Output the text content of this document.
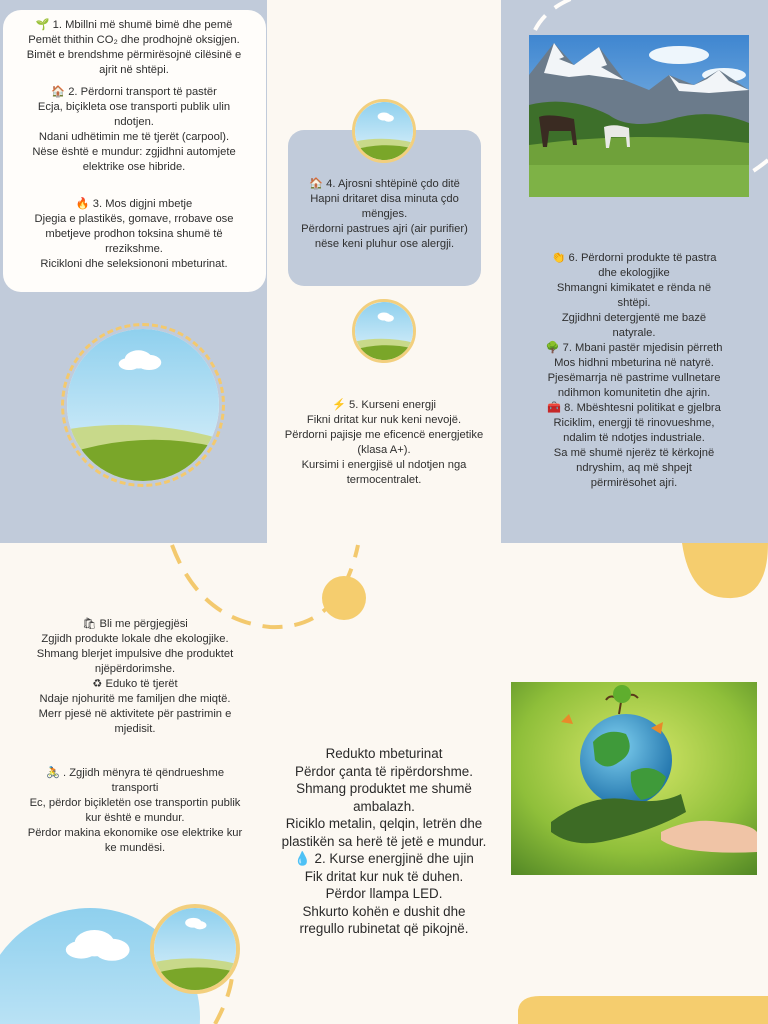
🌱 1. Mbillni më shumë bimë dhe pemë

Pemët thithin CO₂ dhe prodhojnë oksigjen.

Bimët e brendshme përmirësojnë cilësinë e

ajrit në shtëpi.

🏠 2. Përdorni transport të pastër

Ecja, biçikleta ose transporti publik ulin

ndotjen.

Ndani udhëtimin me të tjerët (carpool).

Nëse është e mundur: zgjidhni automjete

elektrike ose hibride.

🔥 3. Mos digjni mbetje

Djegia e plastikës, gomave, rrobave ose

mbetjeve prodhon toksina shumë të

rrezikshme.

Ricikloni dhe seleksiononi mbeturinat.

🏠 4. Ajrosni shtëpinë çdo ditë

Hapni dritaret disa minuta çdo

mëngjes.

Përdorni pastrues ajri (air purifier)

nëse keni pluhur ose alergji.

⚡ 5. Kurseni energji

Fikni dritat kur nuk keni nevojë.

Përdorni pajisje me eficencë energjetike

(klasa A+).

Kursimi i energjisë ul ndotjen nga

termocentralet.

👏 6. Përdorni produkte të pastra

dhe ekologjike

Shmangni kimikatet e rënda në

shtëpi.

Zgjidhni detergjentë me bazë

natyrale.

🌳 7. Mbani pastër mjedisin përreth

Mos hidhni mbeturina në natyrë.

Pjesëmarrja në pastrime vullnetare

ndihmon komunitetin dhe ajrin.

🧰 8. Mbështesni politikat e gjelbra

Riciklim, energji të rinovueshme,

ndalim të ndotjes industriale.

Sa më shumë njerëz të kërkojnë

ndryshim, aq më shpejt

përmirësohet ajri.

🛍 Bli me përgjegjësi

Zgjidh produkte lokale dhe ekologjike.

Shmang blerjet impulsive dhe produktet

njëpërdorimshe.

♻ Eduko të tjerët

Ndaje njohuritë me familjen dhe miqtë.

Merr pjesë në aktivitete për pastrimin e

mjedisit.

🚴 . Zgjidh mënyra të qëndrueshme

transporti

Ec, përdor biçikletën ose transportin publik

kur është e mundur.

Përdor makina ekonomike ose elektrike kur

ke mundësi.

Redukto mbeturinat

Përdor çanta të ripërdorshme.

Shmang produktet me shumë

ambalazh.

Riciklo metalin, qelqin, letrën dhe

plastikën sa herë të jetë e mundur.

💧 2. Kurse energjinë dhe ujin

Fik dritat kur nuk të duhen.

Përdor llampa LED.

Shkurto kohën e dushit dhe

rregullo rubinetat që pikojnë.
